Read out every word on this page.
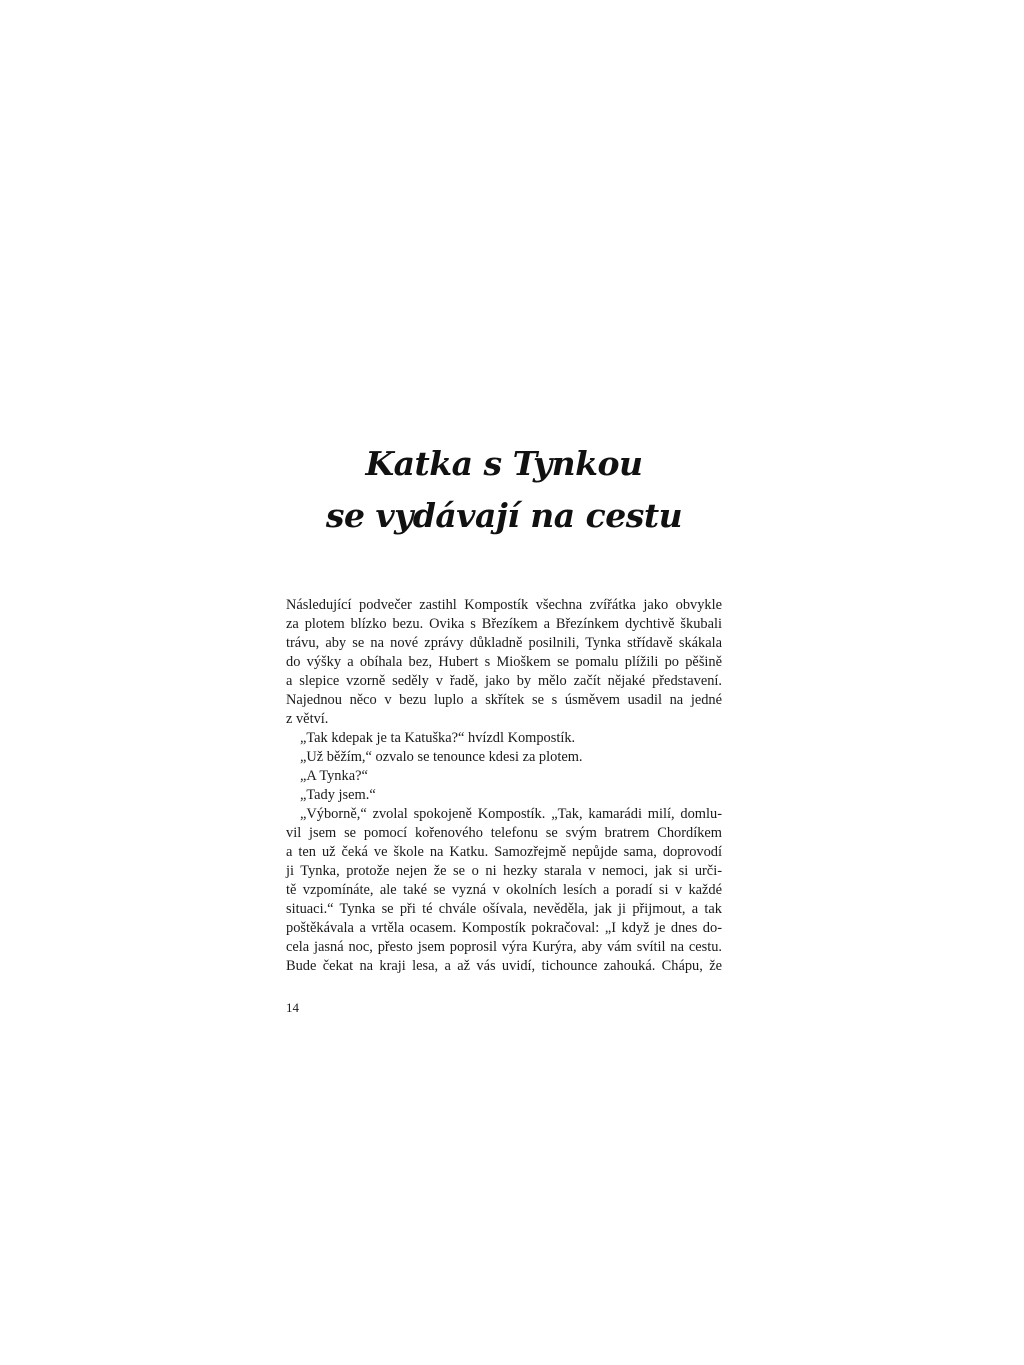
Katka s Tynkou
se vydávají na cestu
Následující podvečer zastihl Kompostík všechna zvířátka jako obvykle
za plotem blízko bezu. Ovika s Březíkem a Březínkem dychtivě škubali
trávu, aby se na nové zprávy důkladně posilnili, Tynka střídavě skákala
do výšky a obíhala bez, Hubert s Mioškem se pomalu plížili po pěšině
a slepice vzorně seděly v řadě, jako by mělo začít nějaké představení.
Najednou něco v bezu luplo a skřítek se s úsměvem usadil na jedné
z větví.
„Tak kdepak je ta Katuška?“ hvízdl Kompostík.
„Už běžím,“ ozvalo se tenounce kdesi za plotem.
„A Tynka?“
„Tady jsem.“
„Výborně,“ zvolal spokojeně Kompostík. „Tak, kamarádi milí, domlu-
vil jsem se pomocí kořenového telefonu se svým bratrem Chordíkem
a ten už čeká ve škole na Katku. Samozřejmě nepůjde sama, doprovodí
ji Tynka, protože nejen že se o ni hezky starala v nemoci, jak si urči-
tě vzpomínáte, ale také se vyzná v okolních lesích a poradí si v každé
situaci.“ Tynka se při té chvále ošívala, nevěděla, jak ji přijmout, a tak
poštěkávala a vrtěla ocasem. Kompostík pokračoval: „I když je dnes do-
cela jasná noc, přesto jsem poprosil výra Kurýra, aby vám svítil na cestu.
Bude čekat na kraji lesa, a až vás uvidí, tichounce zahouká. Chápu, že
14
